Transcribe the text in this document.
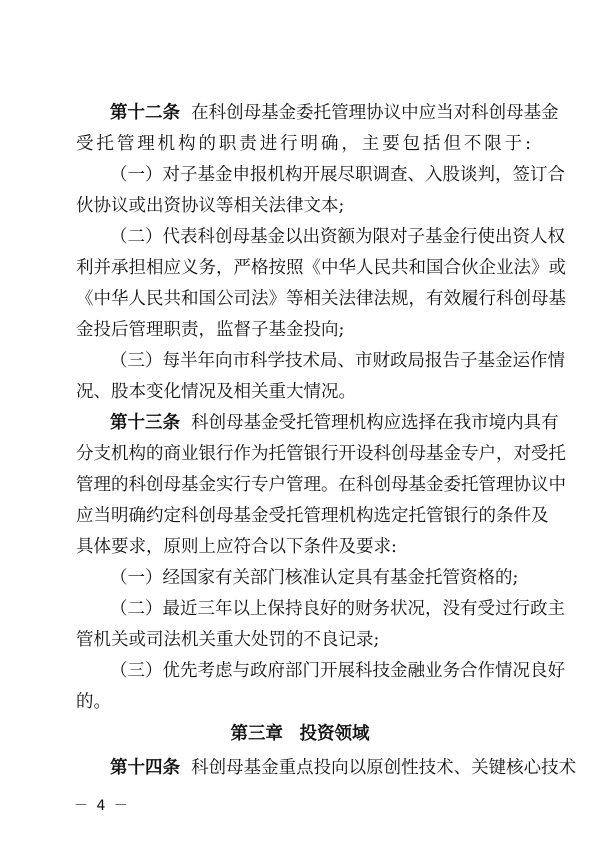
第十二条 在科创母基金委托管理协议中应当对科创母基金
受托管理机构的职责进行明确，主要包括但不限于:
（一）对子基金申报机构开展尽职调查、入股谈判，签订合
伙协议或出资协议等相关法律文本;
（二）代表科创母基金以出资额为限对子基金行使出资人权
利并承担相应义务，严格按照《中华人民共和国合伙企业法》或
《中华人民共和国公司法》等相关法律法规，有效履行科创母基
金投后管理职责，监督子基金投向;
（三）每半年向市科学技术局、市财政局报告子基金运作情
况、股本变化情况及相关重大情况。
第十三条 科创母基金受托管理机构应选择在我市境内具有
分支机构的商业银行作为托管银行开设科创母基金专户，对受托
管理的科创母基金实行专户管理。在科创母基金委托管理协议中
应当明确约定科创母基金受托管理机构选定托管银行的条件及
具体要求，原则上应符合以下条件及要求:
（一）经国家有关部门核准认定具有基金托管资格的;
（二）最近三年以上保持良好的财务状况，没有受过行政主
管机关或司法机关重大处罚的不良记录;
（三）优先考虑与政府部门开展科技金融业务合作情况良好
的。
第三章 投资领域
第十四条 科创母基金重点投向以原创性技术、关键核心技术
－ 4 －
